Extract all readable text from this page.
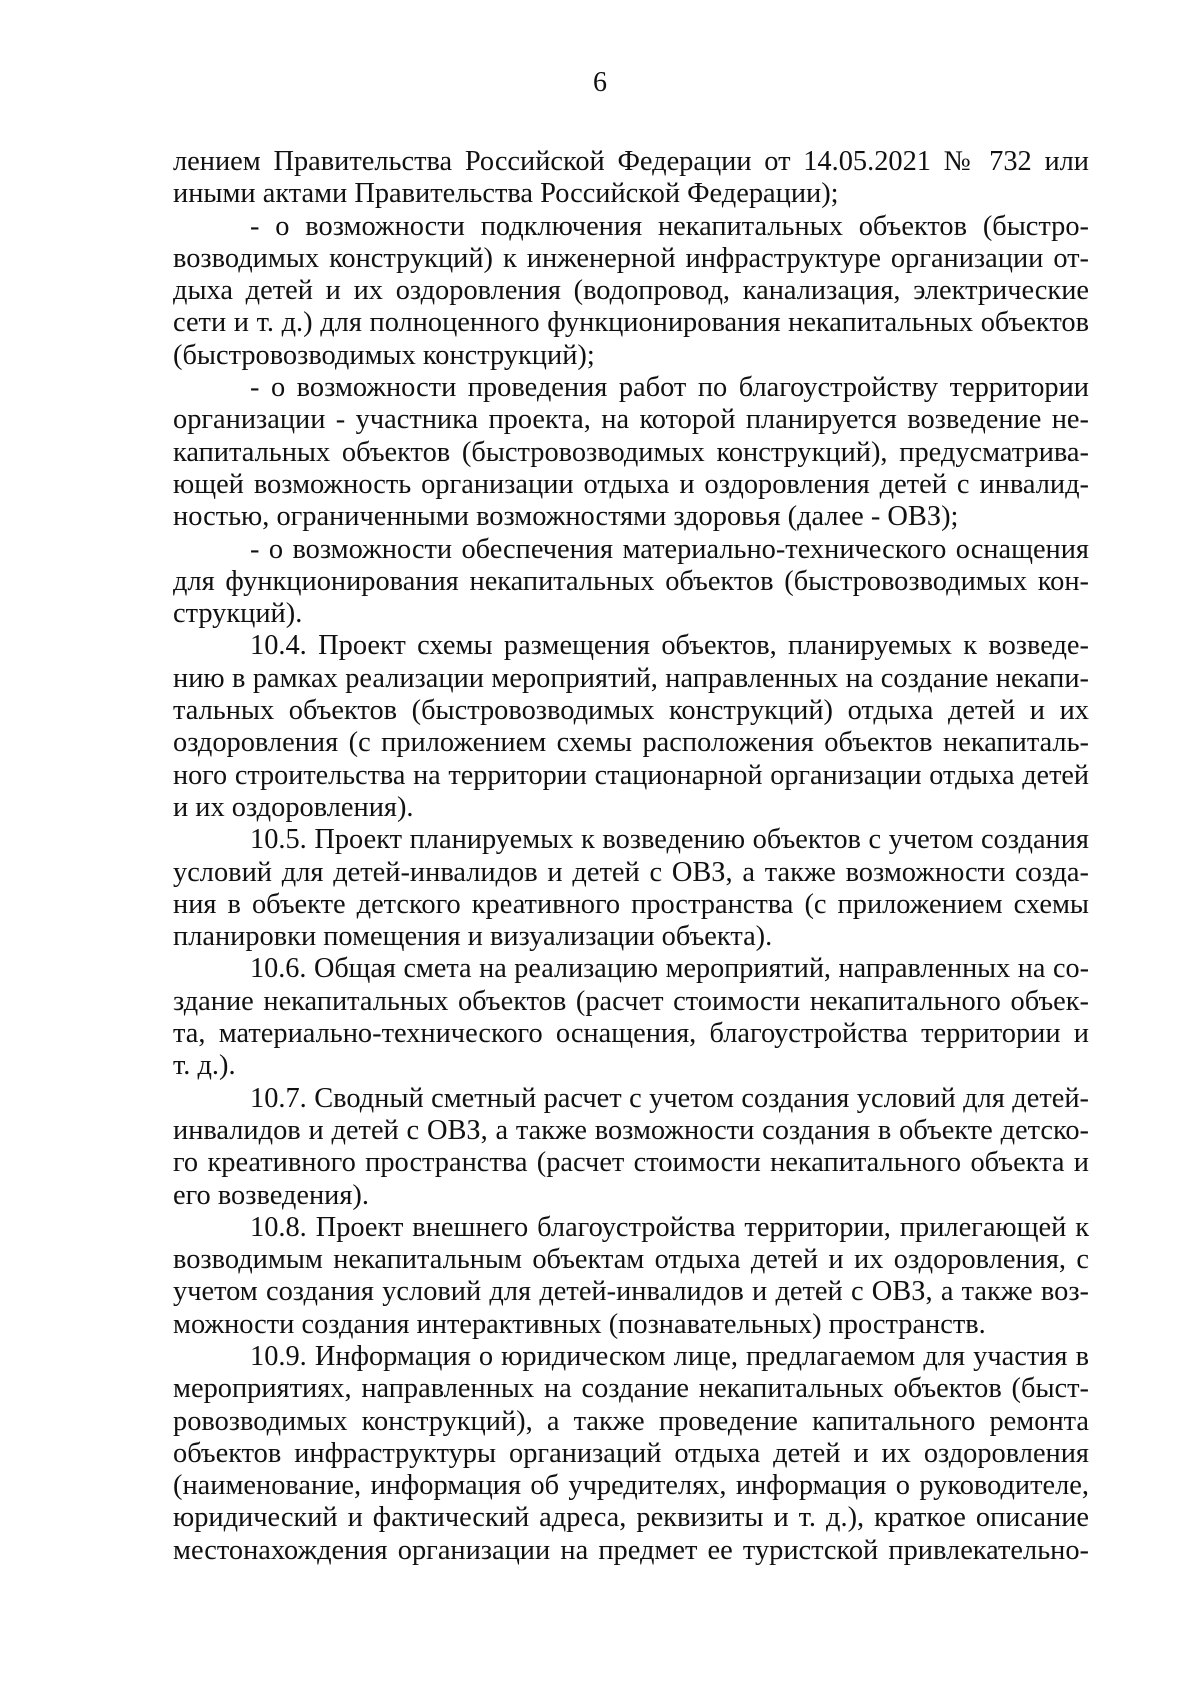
6
лением Правительства Российской Федерации от 14.05.2021 № 732 или
иными актами Правительства Российской Федерации);
- о возможности подключения некапитальных объектов (быстро-
возводимых конструкций) к инженерной инфраструктуре организации от-
дыха детей и их оздоровления (водопровод, канализация, электрические
сети и т. д.) для полноценного функционирования некапитальных объектов
(быстровозводимых конструкций);
- о возможности проведения работ по благоустройству территории
организации - участника проекта, на которой планируется возведение не-
капитальных объектов (быстровозводимых конструкций), предусматрива-
ющей возможность организации отдыха и оздоровления детей с инвалид-
ностью, ограниченными возможностями здоровья (далее - ОВЗ);
- о возможности обеспечения материально-технического оснащения
для функционирования некапитальных объектов (быстровозводимых кон-
струкций).
10.4. Проект схемы размещения объектов, планируемых к возведе-
нию в рамках реализации мероприятий, направленных на создание некапи-
тальных объектов (быстровозводимых конструкций) отдыха детей и их
оздоровления (с приложением схемы расположения объектов некапиталь-
ного строительства на территории стационарной организации отдыха детей
и их оздоровления).
10.5. Проект планируемых к возведению объектов с учетом создания
условий для детей-инвалидов и детей с ОВЗ, а также возможности созда-
ния в объекте детского креативного пространства (с приложением схемы
планировки помещения и визуализации объекта).
10.6. Общая смета на реализацию мероприятий, направленных на со-
здание некапитальных объектов (расчет стоимости некапитального объек-
та, материально-технического оснащения, благоустройства территории и
т. д.).
10.7. Сводный сметный расчет с учетом создания условий для детей-
инвалидов и детей с ОВЗ, а также возможности создания в объекте детско-
го креативного пространства (расчет стоимости некапитального объекта и
его возведения).
10.8. Проект внешнего благоустройства территории, прилегающей к
возводимым некапитальным объектам отдыха детей и их оздоровления, с
учетом создания условий для детей-инвалидов и детей с ОВЗ, а также воз-
можности создания интерактивных (познавательных) пространств.
10.9. Информация о юридическом лице, предлагаемом для участия в
мероприятиях, направленных на создание некапитальных объектов (быст-
ровозводимых конструкций), а также проведение капитального ремонта
объектов инфраструктуры организаций отдыха детей и их оздоровления
(наименование, информация об учредителях, информация о руководителе,
юридический и фактический адреса, реквизиты и т. д.), краткое описание
местонахождения организации на предмет ее туристской привлекательно-
